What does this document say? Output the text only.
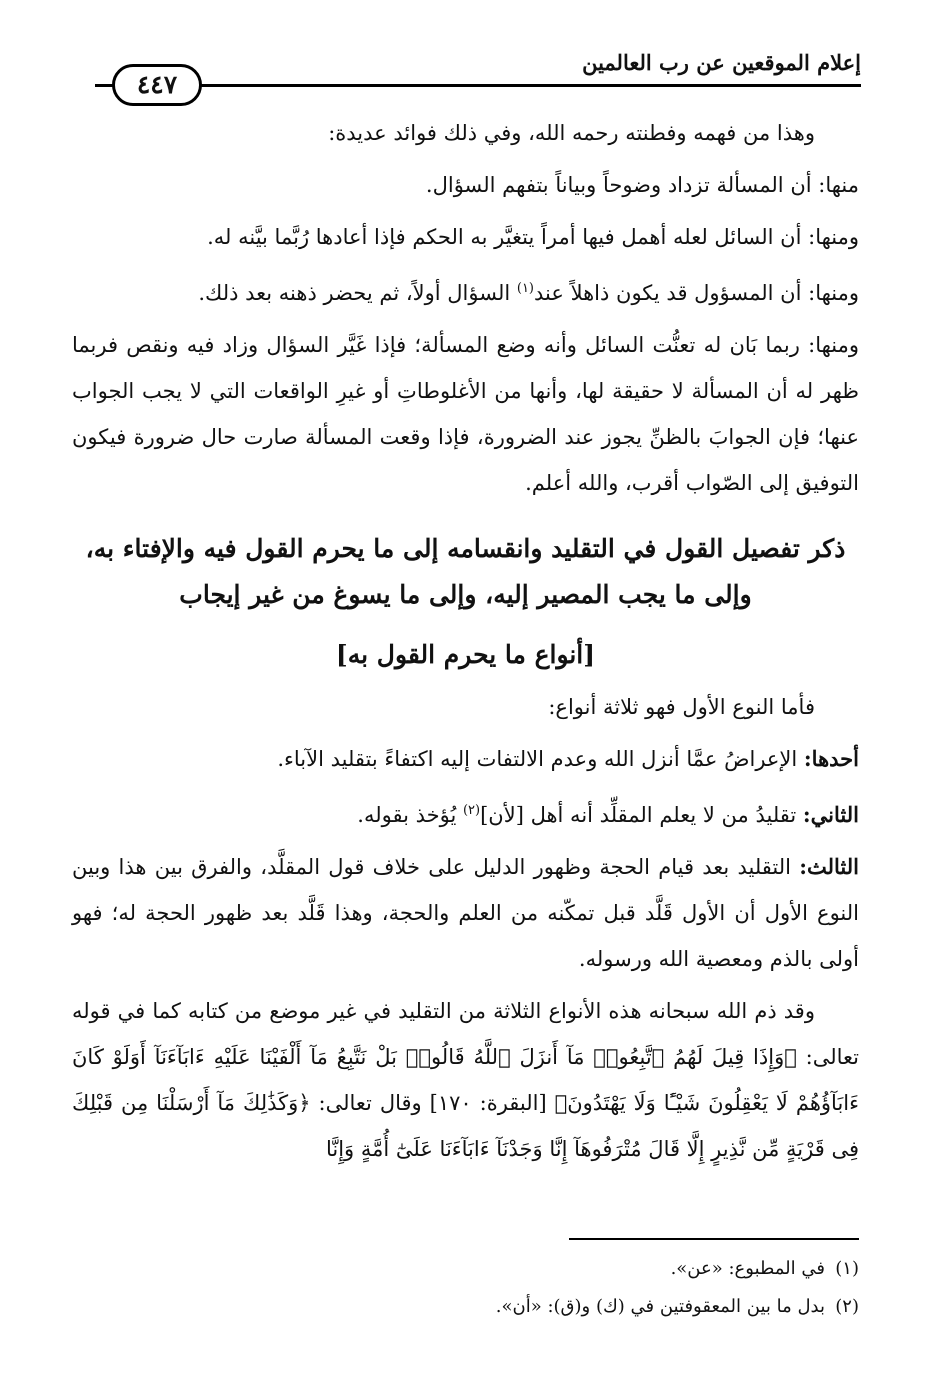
إعلام الموقعين عن رب العالمين
٤٤٧

وهذا من فهمه وفطنته رحمه الله، وفي ذلك فوائد عديدة:

منها: أن المسألة تزداد وضوحاً وبياناً بتفهم السؤال.

ومنها: أن السائل لعله أهمل فيها أمراً يتغيَّر به الحكم فإذا أعادها رُبَّما بيَّنه له.

ومنها: أن المسؤول قد يكون ذاهلاً عند$^{(١)}$ السؤال أولاً، ثم يحضر ذهنه بعد ذلك.

ومنها: ربما بَان له تعنُّت السائل وأنه وضع المسألة؛ فإذا غَيَّر السؤال وزاد فيه ونقص فربما ظهر له أن المسألة لا حقيقة لها، وأنها من الأغلوطاتِ أو غيرِ الواقعات التي لا يجب الجواب عنها؛ فإن الجوابَ بالظنِّ يجوز عند الضرورة، فإذا وقعت المسألة صارت حال ضرورة فيكون التوفيق إلى الصّواب أقرب، والله أعلم.

ذكر تفصيل القول في التقليد وانقسامه إلى ما يحرم القول فيه والإفتاء به، وإلى ما يجب المصير إليه، وإلى ما يسوغ من غير إيجاب

[أنواع ما يحرم القول به]

فأما النوع الأول فهو ثلاثة أنواع:

أحدها: الإعراضُ عمَّا أنزل الله وعدم الالتفات إليه اكتفاءً بتقليد الآباء.

الثاني: تقليدُ من لا يعلم المقلِّد أنه أهل [لأن]$^{(٢)}$ يُؤخذ بقوله.

الثالث: التقليد بعد قيام الحجة وظهور الدليل على خلاف قول المقلَّد، والفرق بين هذا وبين النوع الأول أن الأول قَلَّد قبل تمكّنه من العلم والحجة، وهذا قَلَّد بعد ظهور الحجة له؛ فهو أولى بالذم ومعصية الله ورسوله.

وقد ذم الله سبحانه هذه الأنواع الثلاثة من التقليد في غير موضع من كتابه كما في قوله تعالى: ﴿وَإِذَا قِيلَ لَهُمُ ٱتَّبِعُوا۟ مَآ أَنزَلَ ٱللَّهُ قَالُوا۟ بَلْ نَتَّبِعُ مَآ أَلْفَيْنَا عَلَيْهِ ءَابَآءَنَآ أَوَلَوْ كَانَ ءَابَآؤُهُمْ لَا يَعْقِلُونَ شَيْـًٔا وَلَا يَهْتَدُونَ﴾ [البقرة: ١٧٠] وقال تعالى: ﴿وَكَذَٰلِكَ مَآ أَرْسَلْنَا مِن قَبْلِكَ فِى قَرْيَةٍ مِّن نَّذِيرٍ إِلَّا قَالَ مُتْرَفُوهَآ إِنَّا وَجَدْنَآ ءَابَآءَنَا عَلَىٰٓ أُمَّةٍ وَإِنَّا

(١)في المطبوع: «عن».

(٢)بدل ما بين المعقوفتين في (ك) و(ق): «أن».
